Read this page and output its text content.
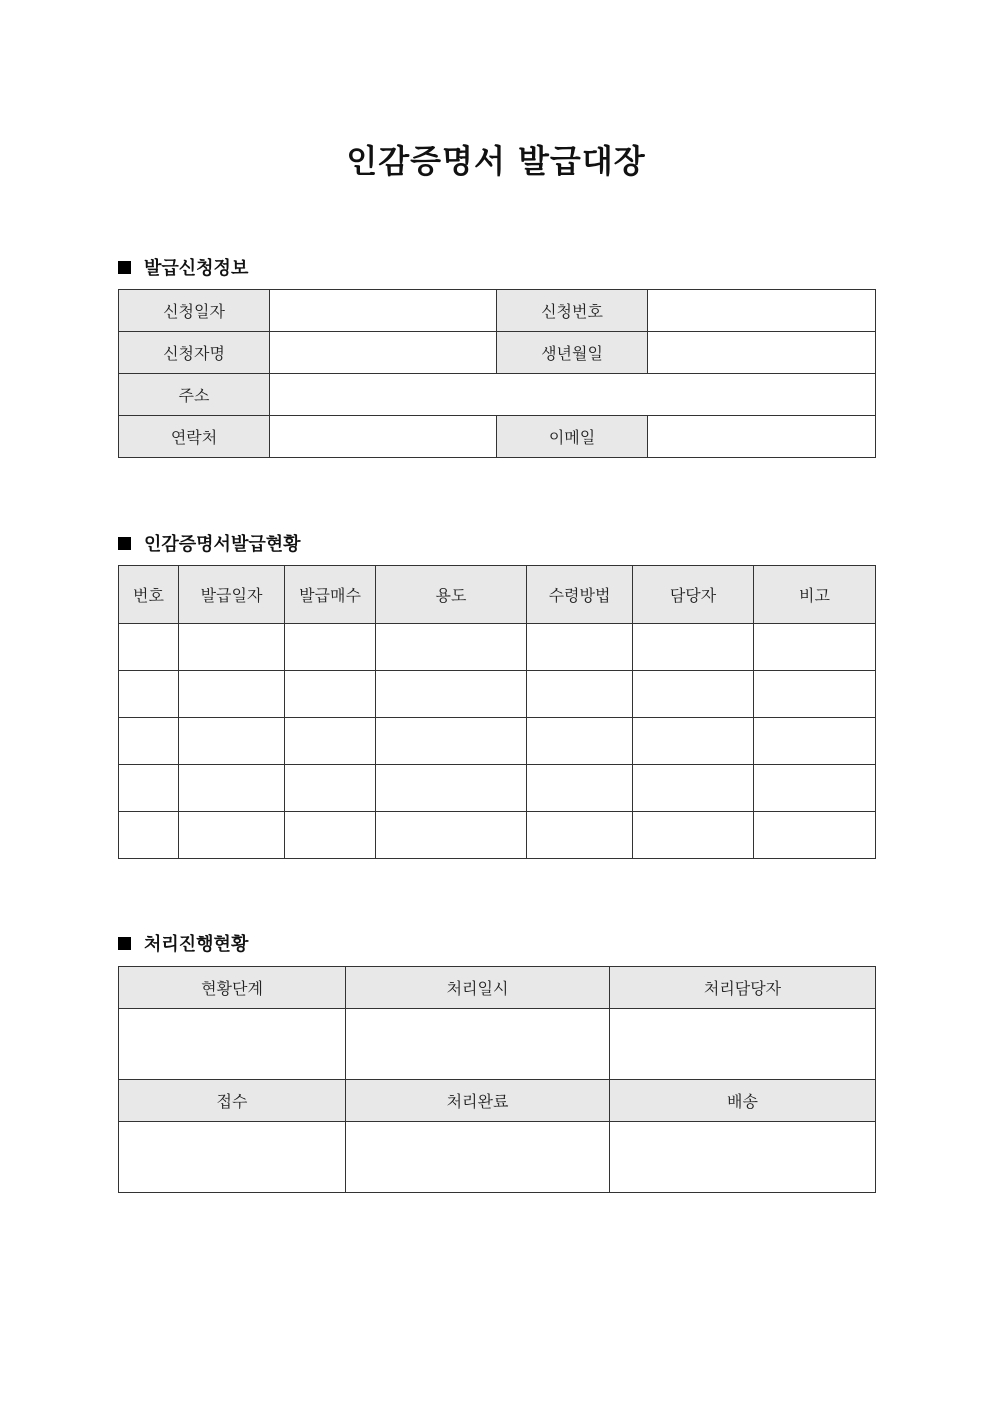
인감증명서 발급대장
발급신청정보
신청일자		신청번호	
신청자명		생년월일	
주소			
연락처		이메일	
인감증명서발급현황
번호	발급일자	발급매수	용도	수령방법	담당자	비고

처리진행현황
현황단계	처리일시	처리담당자

접수	처리완료	배송
